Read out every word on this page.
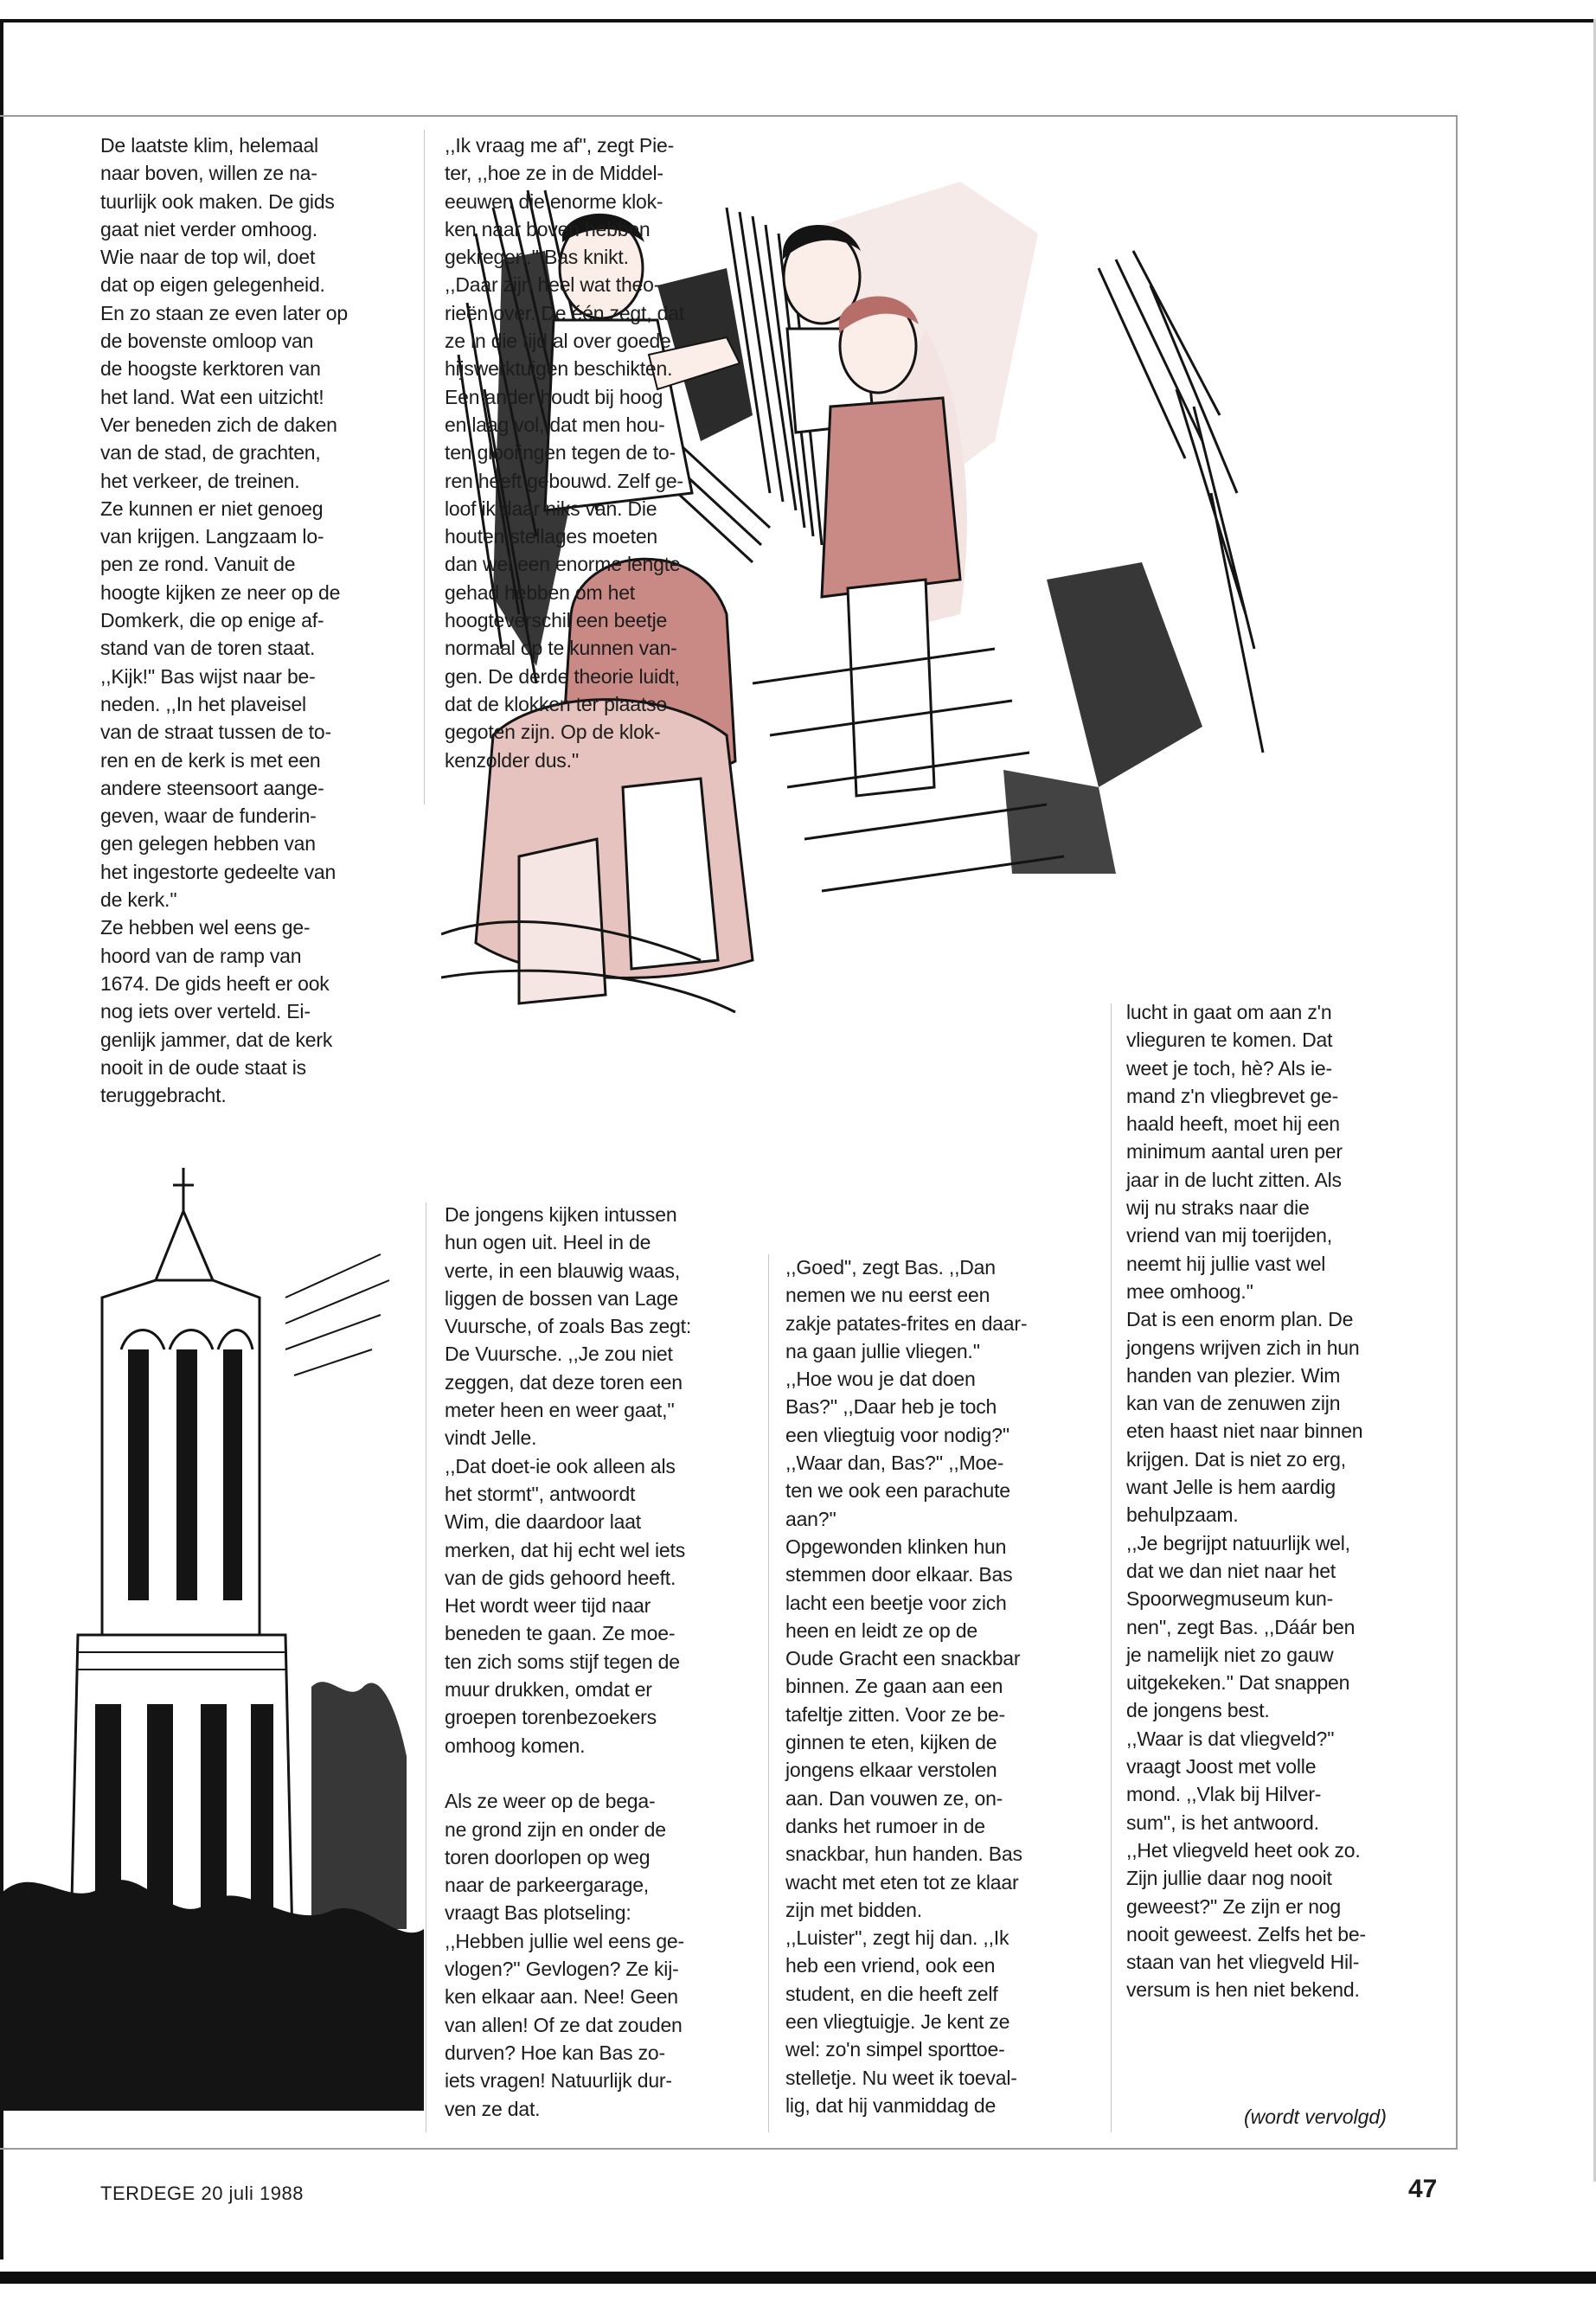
De laatste klim, helemaal

naar boven, willen ze na-

tuurlijk ook maken. De gids

gaat niet verder omhoog.

Wie naar de top wil, doet

dat op eigen gelegenheid.

En zo staan ze even later op

de bovenste omloop van

de hoogste kerktoren van

het land. Wat een uitzicht!

Ver beneden zich de daken

van de stad, de grachten,

het verkeer, de treinen.

Ze kunnen er niet genoeg

van krijgen. Langzaam lo-

pen ze rond. Vanuit de

hoogte kijken ze neer op de

Domkerk, die op enige af-

stand van de toren staat.

,,Kijk!'' Bas wijst naar be-

neden. ,,In het plaveisel

van de straat tussen de to-

ren en de kerk is met een

andere steensoort aange-

geven, waar de funderin-

gen gelegen hebben van

het ingestorte gedeelte van

de kerk.''

Ze hebben wel eens ge-

hoord van de ramp van

1674. De gids heeft er ook

nog iets over verteld. Ei-

genlijk jammer, dat de kerk

nooit in de oude staat is

teruggebracht.

,,Ik vraag me af'', zegt Pie-

ter, ,,hoe ze in de Middel-

eeuwen die enorme klok-

ken naar boven hebben

gekregen.'' Bas knikt.

,,Daar zijn heel wat theo-

rieën over. De één zegt, dat

ze in die tijd al over goede

hijswerktuigen beschikten.

Een ander houdt bij hoog

en laag vol, dat men hou-

ten glooiingen tegen de to-

ren heeft gebouwd. Zelf ge-

loof ik daar niks van. Die

houten stellages moeten

dan wel een enorme lengte

gehad hebben om het

hoogteverschil een beetje

normaal op te kunnen van-

gen. De derde theorie luidt,

dat de klokken ter plaatse

gegoten zijn. Op de klok-

kenzolder dus.''

De jongens kijken intussen

hun ogen uit. Heel in de

verte, in een blauwig waas,

liggen de bossen van Lage

Vuursche, of zoals Bas zegt:

De Vuursche. ,,Je zou niet

zeggen, dat deze toren een

meter heen en weer gaat,''

vindt Jelle.

,,Dat doet-ie ook alleen als

het stormt'', antwoordt

Wim, die daardoor laat

merken, dat hij echt wel iets

van de gids gehoord heeft.

Het wordt weer tijd naar

beneden te gaan. Ze moe-

ten zich soms stijf tegen de

muur drukken, omdat er

groepen torenbezoekers

omhoog komen.

Als ze weer op de bega-

ne grond zijn en onder de

toren doorlopen op weg

naar de parkeergarage,

vraagt Bas plotseling:

,,Hebben jullie wel eens ge-

vlogen?'' Gevlogen? Ze kij-

ken elkaar aan. Nee! Geen

van allen! Of ze dat zouden

durven? Hoe kan Bas zo-

iets vragen! Natuurlijk dur-

ven ze dat.

,,Goed'', zegt Bas. ,,Dan

nemen we nu eerst een

zakje patates-frites en daar-

na gaan jullie vliegen.''

,,Hoe wou je dat doen

Bas?'' ,,Daar heb je toch

een vliegtuig voor nodig?''

,,Waar dan, Bas?'' ,,Moe-

ten we ook een parachute

aan?''

Opgewonden klinken hun

stemmen door elkaar. Bas

lacht een beetje voor zich

heen en leidt ze op de

Oude Gracht een snackbar

binnen. Ze gaan aan een

tafeltje zitten. Voor ze be-

ginnen te eten, kijken de

jongens elkaar verstolen

aan. Dan vouwen ze, on-

danks het rumoer in de

snackbar, hun handen. Bas

wacht met eten tot ze klaar

zijn met bidden.

,,Luister'', zegt hij dan. ,,Ik

heb een vriend, ook een

student, en die heeft zelf

een vliegtuigje. Je kent ze

wel: zo'n simpel sporttoe-

stelletje. Nu weet ik toeval-

lig, dat hij vanmiddag de

lucht in gaat om aan z'n

vlieguren te komen. Dat

weet je toch, hè? Als ie-

mand z'n vliegbrevet ge-

haald heeft, moet hij een

minimum aantal uren per

jaar in de lucht zitten. Als

wij nu straks naar die

vriend van mij toerijden,

neemt hij jullie vast wel

mee omhoog.''

Dat is een enorm plan. De

jongens wrijven zich in hun

handen van plezier. Wim

kan van de zenuwen zijn

eten haast niet naar binnen

krijgen. Dat is niet zo erg,

want Jelle is hem aardig

behulpzaam.

,,Je begrijpt natuurlijk wel,

dat we dan niet naar het

Spoorwegmuseum kun-

nen'', zegt Bas. ,,Dáár ben

je namelijk niet zo gauw

uitgekeken.'' Dat snappen

de jongens best.

,,Waar is dat vliegveld?''

vraagt Joost met volle

mond. ,,Vlak bij Hilver-

sum'', is het antwoord.

,,Het vliegveld heet ook zo.

Zijn jullie daar nog nooit

geweest?'' Ze zijn er nog

nooit geweest. Zelfs het be-

staan van het vliegveld Hil-

versum is hen niet bekend.

(wordt vervolgd)
TERDEGE 20 juli 1988	47
